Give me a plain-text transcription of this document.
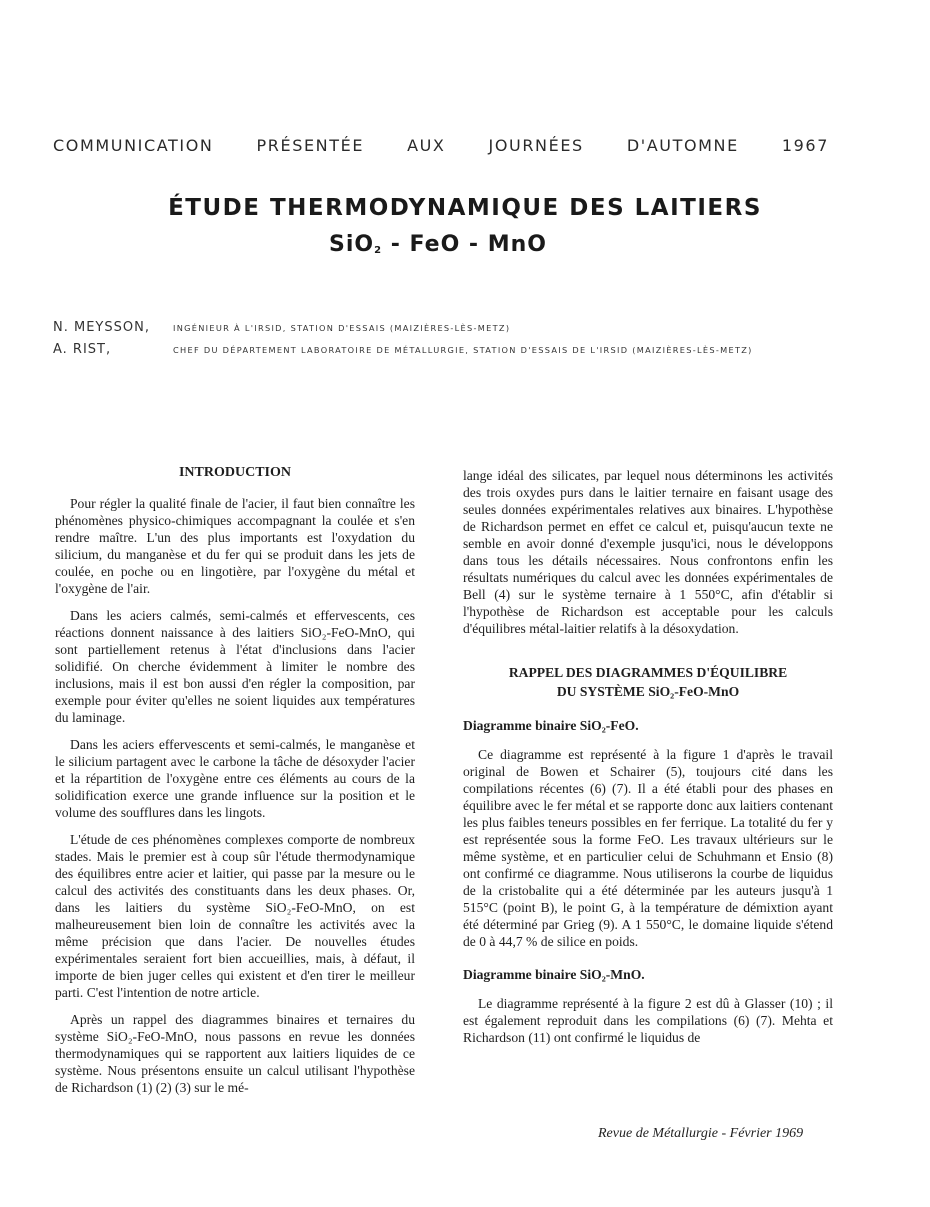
COMMUNICATION	PRÉSENTÉE	AUX	JOURNÉES	D'AUTOMNE	1967
ÉTUDE THERMODYNAMIQUE DES LAITIERS
SiO$_2$ - FeO - MnO
N. MEYSSON,	INGÉNIEUR À L'IRSID, STATION D'ESSAIS (MAIZIÈRES-LÈS-METZ)
A. RIST,	CHEF DU DÉPARTEMENT LABORATOIRE DE MÉTALLURGIE, STATION D'ESSAIS DE L'IRSID (MAIZIÈRES-LÈS-METZ)
INTRODUCTION

Pour régler la qualité finale de l'acier, il faut bien connaître les phénomènes physico-chimiques accompagnant la coulée et s'en rendre maître. L'un des plus importants est l'oxydation du silicium, du manganèse et du fer qui se produit dans les jets de coulée, en poche ou en lingotière, par l'oxygène du métal et l'oxygène de l'air.

Dans les aciers calmés, semi-calmés et effervescents, ces réactions donnent naissance à des laitiers SiO₂-FeO-MnO, qui sont partiellement retenus à l'état d'inclusions dans l'acier solidifié. On cherche évidemment à limiter le nombre des inclusions, mais il est bon aussi d'en régler la composition, par exemple pour éviter qu'elles ne soient liquides aux températures du laminage.

Dans les aciers effervescents et semi-calmés, le manganèse et le silicium partagent avec le carbone la tâche de désoxyder l'acier et la répartition de l'oxygène entre ces éléments au cours de la solidification exerce une grande influence sur la position et le volume des soufflures dans les lingots.

L'étude de ces phénomènes complexes comporte de nombreux stades. Mais le premier est à coup sûr l'étude thermodynamique des équilibres entre acier et laitier, qui passe par la mesure ou le calcul des activités des constituants dans les deux phases. Or, dans les laitiers du système SiO₂-FeO-MnO, on est malheureusement bien loin de connaître les activités avec la même précision que dans l'acier. De nouvelles études expérimentales seraient fort bien accueillies, mais, à défaut, il importe de bien juger celles qui existent et d'en tirer le meilleur parti. C'est l'intention de notre article.

Après un rappel des diagrammes binaires et ternaires du système SiO₂-FeO-MnO, nous passons en revue les données thermodynamiques qui se rapportent aux laitiers liquides de ce système. Nous présentons ensuite un calcul utilisant l'hypothèse de Richardson (1) (2) (3) sur le mé-

lange idéal des silicates, par lequel nous déterminons les activités des trois oxydes purs dans le laitier ternaire en faisant usage des seules données expérimentales relatives aux binaires. L'hypothèse de Richardson permet en effet ce calcul et, puisqu'aucun texte ne semble en avoir donné d'exemple jusqu'ici, nous le développons dans tous les détails nécessaires. Nous confrontons enfin les résultats numériques du calcul avec les données expérimentales de Bell (4) sur le système ternaire à 1 550°C, afin d'établir si l'hypothèse de Richardson est acceptable pour les calculs d'équilibres métal-laitier relatifs à la désoxydation.

RAPPEL DES DIAGRAMMES D'ÉQUILIBRE
DU SYSTÈME SiO₂-FeO-MnO
Diagramme binaire SiO₂-FeO.

Ce diagramme est représenté à la figure 1 d'après le travail original de Bowen et Schairer (5), toujours cité dans les compilations récentes (6) (7). Il a été établi pour des phases en équilibre avec le fer métal et se rapporte donc aux laitiers contenant les plus faibles teneurs possibles en fer ferrique. La totalité du fer y est représentée sous la forme FeO. Les travaux ultérieurs sur le même système, et en particulier celui de Schuhmann et Ensio (8) ont confirmé ce diagramme. Nous utiliserons la courbe de liquidus de la cristobalite qui a été déterminée par les auteurs jusqu'à 1 515°C (point B), le point G, à la température de démixtion ayant été déterminé par Grieg (9). A 1 550°C, le domaine liquide s'étend de 0 à 44,7 % de silice en poids.

Diagramme binaire SiO₂-MnO.

Le diagramme représenté à la figure 2 est dû à Glasser (10) ; il est également reproduit dans les compilations (6) (7). Mehta et Richardson (11) ont confirmé le liquidus de

Revue de Métallurgie - Février 1969
